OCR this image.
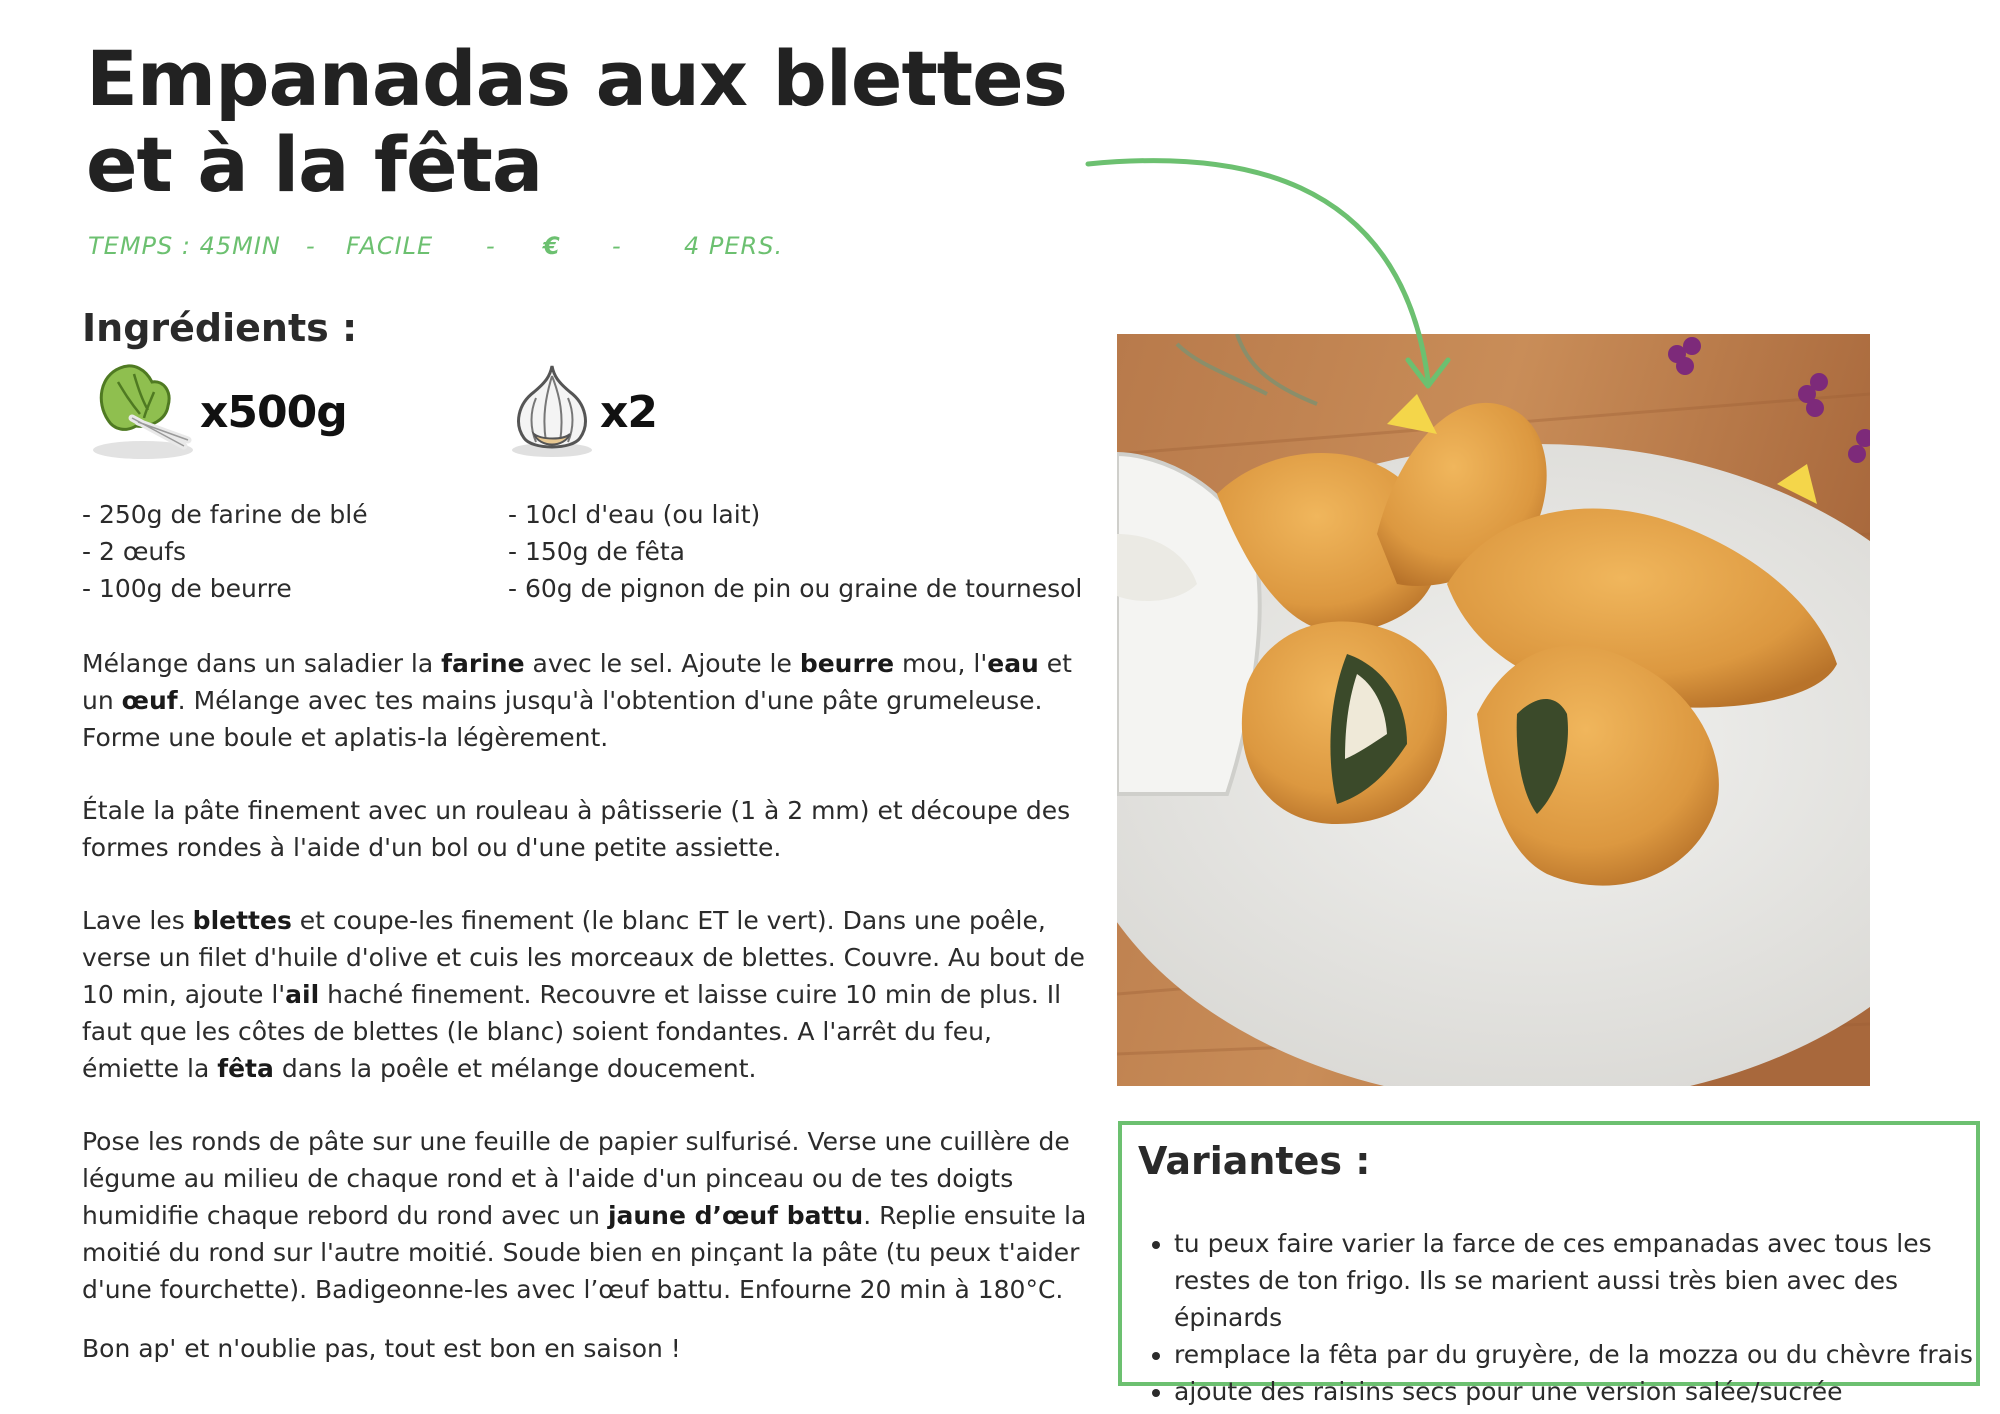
Empanadas aux blettes et à la fêta
TEMPS : 45MIN - FACILE - € -	4 PERS.
Ingrédients :
x500g	x2
- 250g de farine de blé
- 2 œufs
- 100g de beurre
- 10cl d'eau (ou lait)
- 150g de fêta
- 60g de pignon de pin ou graine de tournesol

Mélange dans un saladier la farine avec le sel. Ajoute le beurre mou, l'eau et un œuf. Mélange avec tes mains jusqu'à l'obtention d'une pâte grumeleuse. Forme une boule et aplatis-la légèrement.

Étale la pâte finement avec un rouleau à pâtisserie (1 à 2 mm) et découpe des formes rondes à l'aide d'un bol ou d'une petite assiette.

Lave les blettes et coupe-les finement (le blanc ET le vert). Dans une poêle, verse un filet d'huile d'olive et cuis les morceaux de blettes. Couvre. Au bout de 10 min, ajoute l'ail haché finement. Recouvre et laisse cuire 10 min de plus. Il faut que les côtes de blettes (le blanc) soient fondantes. A l'arrêt du feu, émiette la fêta dans la poêle et mélange doucement.

Pose les ronds de pâte sur une feuille de papier sulfurisé. Verse une cuillère de légume au milieu de chaque rond et à l'aide d'un pinceau ou de tes doigts humidifie chaque rebord du rond avec un jaune d’œuf battu. Replie ensuite la moitié du rond sur l'autre moitié. Soude bien en pinçant la pâte (tu peux t'aider d'une fourchette). Badigeonne-les avec l’œuf battu. Enfourne 20 min à 180°C.

Bon ap' et n'oublie pas, tout est bon en saison !

Variantes :
• tu peux faire varier la farce de ces empanadas avec tous les restes de ton frigo. Ils se marient aussi très bien avec des épinards
• remplace la fêta par du gruyère, de la mozza ou du chèvre frais
• ajoute des raisins secs pour une version salée/sucrée
